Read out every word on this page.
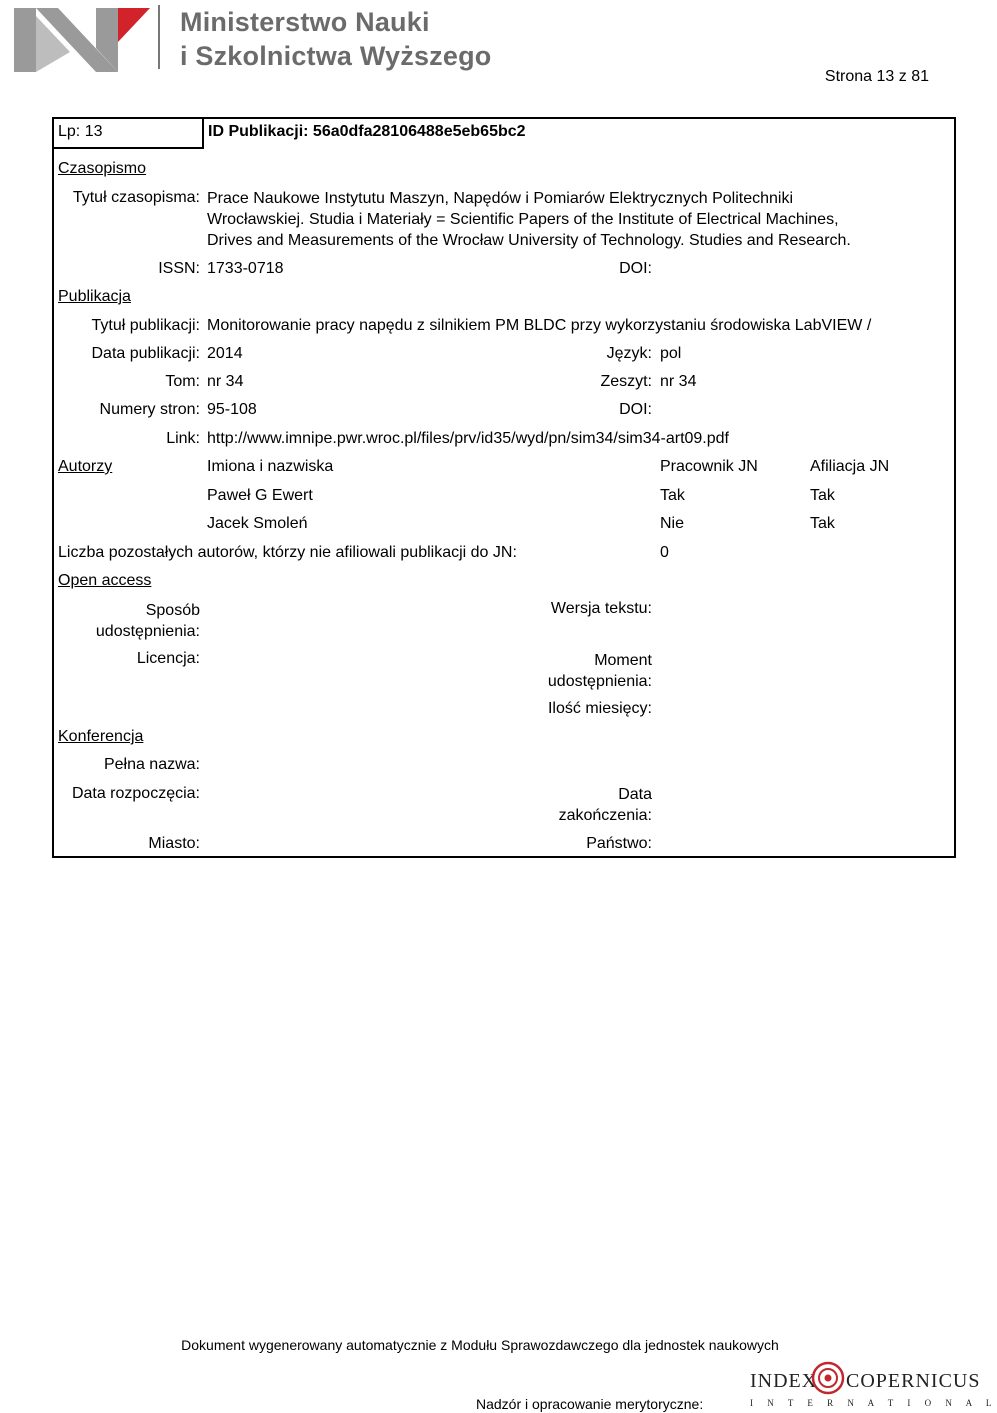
Ministerstwo Nauki
i Szkolnictwa Wyższego
Strona 13 z 81
Lp: 13	ID Publikacji: 56a0dfa28106488e5eb65bc2
Czasopismo
Tytuł czasopisma: Prace Naukowe Instytutu Maszyn, Napędów i Pomiarów Elektrycznych Politechniki
Wrocławskiej. Studia i Materiały = Scientific Papers of the Institute of Electrical Machines,
Drives and Measurements of the Wrocław University of Technology. Studies and Research.
ISSN: 1733-0718	DOI:
Publikacja
Tytuł publikacji: Monitorowanie pracy napędu z silnikiem PM BLDC przy wykorzystaniu środowiska LabVIEW /
Data publikacji: 2014	Język: pol
Tom: nr 34	Zeszyt: nr 34
Numery stron: 95-108	DOI:
Link: http://www.imnipe.pwr.wroc.pl/files/prv/id35/wyd/pn/sim34/sim34-art09.pdf
Autorzy	Imiona i nazwiska	Pracownik JN	Afiliacja JN
Paweł G Ewert	Tak	Tak
Jacek Smoleń	Nie	Tak
Liczba pozostałych autorów, którzy nie afiliowali publikacji do JN:	0
Open access
Sposób
udostępnienia:
Wersja tekstu:
Licencja:	Moment
udostępnienia:
Ilość miesięcy:
Konferencja
Pełna nazwa:
Data rozpoczęcia:	Data
zakończenia:
Miasto:	Państwo:
Dokument wygenerowany automatycznie z Modułu Sprawozdawczego dla jednostek naukowych
Nadzór i opracowanie merytoryczne:
INDEX COPERNICUS
I N T E R N A T I O N A L
